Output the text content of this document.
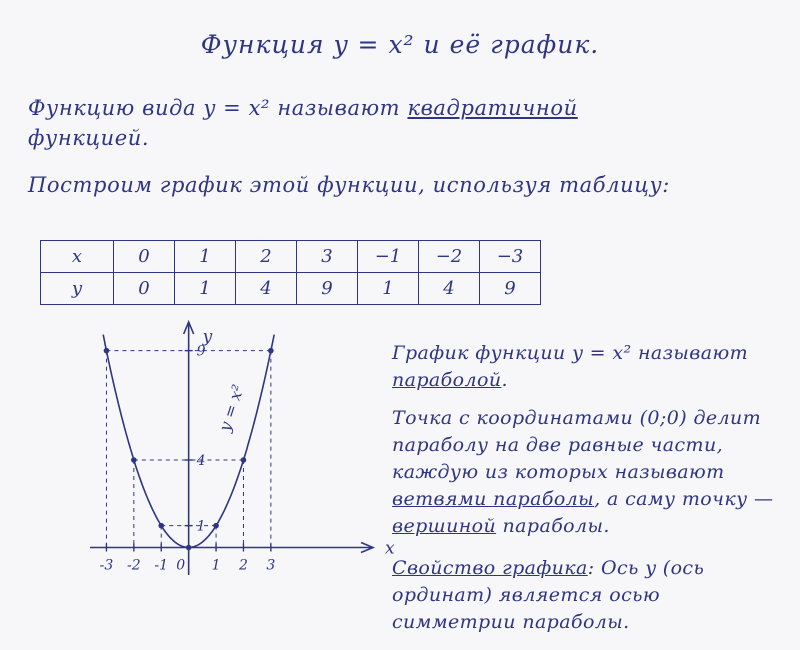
Функция y = x² и её график.
Функцию вида y = x² называют квадратичной
функцией.
Построим график этой функции, используя таблицу:
x	0	1	2	3	−1	−2	−3
y	0	1	4	9	1	4	9
x
y
-3 -2 -1	1 2 3
0
1
4
9
y = x²
График функции y = x² называют параболой.
Точка с координатами (0;0) делит параболу на две равные части, каждую из которых называют ветвями параболы, а саму точку — вершиной параболы.
Свойство графика: Ось y (ось ординат) является осью симметрии параболы.
